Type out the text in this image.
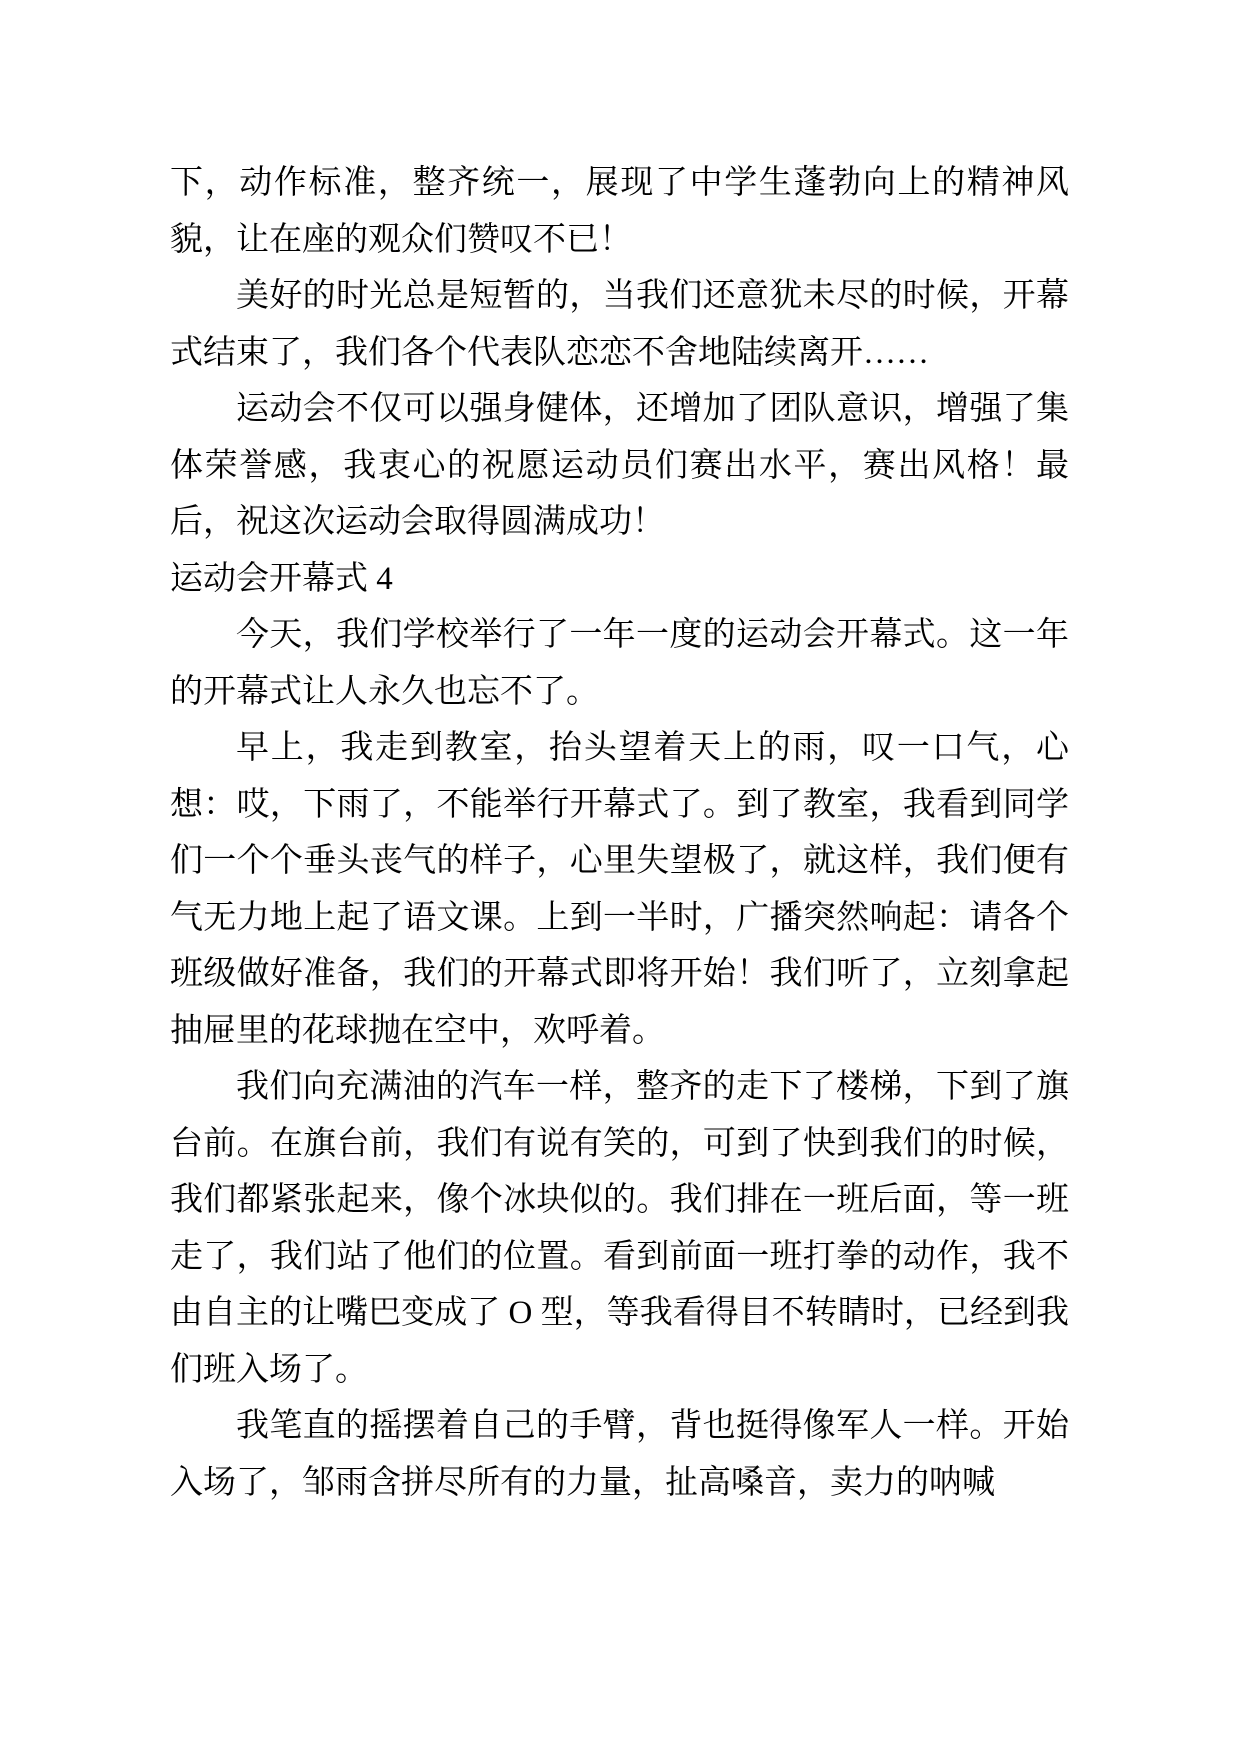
下，动作标准，整齐统一，展现了中学生蓬勃向上的精神风貌，让在座的观众们赞叹不已！

美好的时光总是短暂的，当我们还意犹未尽的时候，开幕式结束了，我们各个代表队恋恋不舍地陆续离开……

运动会不仅可以强身健体，还增加了团队意识，增强了集体荣誉感，我衷心的祝愿运动员们赛出水平，赛出风格！最后，祝这次运动会取得圆满成功！

运动会开幕式 4

今天，我们学校举行了一年一度的运动会开幕式。这一年的开幕式让人永久也忘不了。

早上，我走到教室，抬头望着天上的雨，叹一口气，心想：哎，下雨了，不能举行开幕式了。到了教室，我看到同学们一个个垂头丧气的样子，心里失望极了，就这样，我们便有气无力地上起了语文课。上到一半时，广播突然响起：请各个班级做好准备，我们的开幕式即将开始！我们听了，立刻拿起抽屉里的花球抛在空中，欢呼着。

我们向充满油的汽车一样，整齐的走下了楼梯，下到了旗台前。在旗台前，我们有说有笑的，可到了快到我们的时候，我们都紧张起来，像个冰块似的。我们排在一班后面，等一班走了，我们站了他们的位置。看到前面一班打拳的动作，我不由自主的让嘴巴变成了 O 型，等我看得目不转睛时，已经到我们班入场了。

我笔直的摇摆着自己的手臂，背也挺得像军人一样。开始入场了，邹雨含拼尽所有的力量，扯高嗓音，卖力的呐喊
